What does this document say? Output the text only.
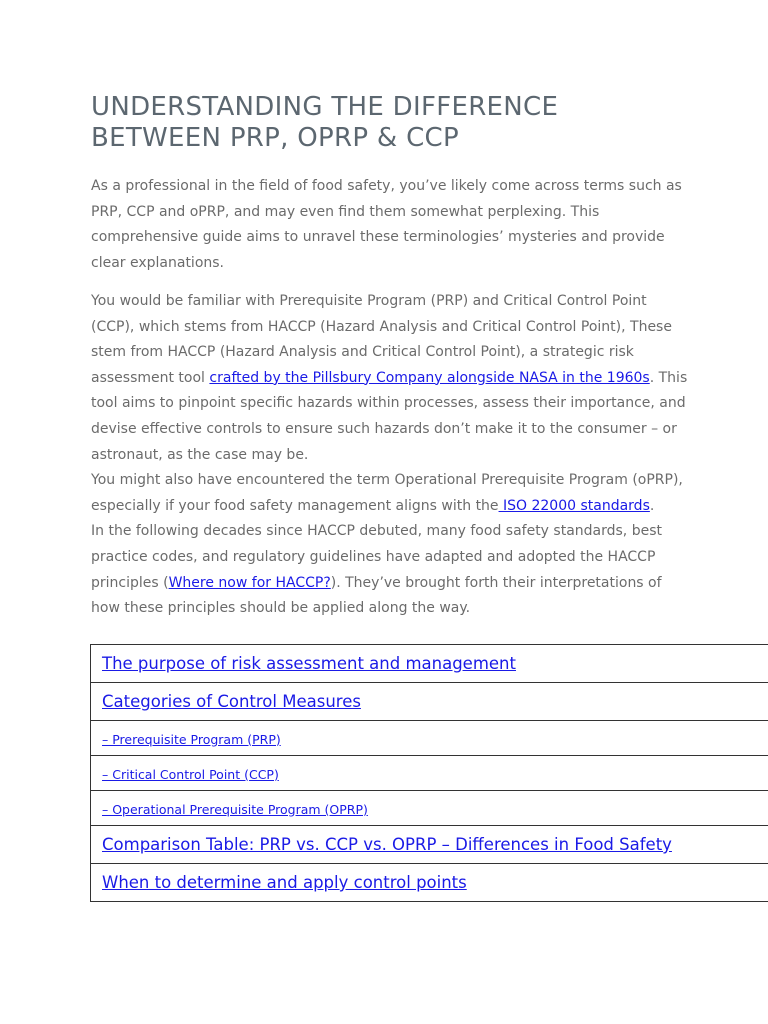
UNDERSTANDING THE DIFFERENCE
BETWEEN PRP, OPRP & CCP

As a professional in the field of food safety, you’ve likely come across terms such as PRP, CCP and oPRP, and may even find them somewhat perplexing. This comprehensive guide aims to unravel these terminologies’ mysteries and provide clear explanations.

You would be familiar with Prerequisite Program (PRP) and Critical Control Point (CCP), which stems from HACCP (Hazard Analysis and Critical Control Point), These stem from HACCP (Hazard Analysis and Critical Control Point), a strategic risk assessment tool crafted by the Pillsbury Company alongside NASA in the 1960s. This tool aims to pinpoint specific hazards within processes, assess their importance, and devise effective controls to ensure such hazards don’t make it to the consumer – or astronaut, as the case may be.
You might also have encountered the term Operational Prerequisite Program (oPRP), especially if your food safety management aligns with the ISO 22000 standards.
In the following decades since HACCP debuted, many food safety standards, best practice codes, and regulatory guidelines have adapted and adopted the HACCP principles (Where now for HACCP?). They’ve brought forth their interpretations of how these principles should be applied along the way.

The purpose of risk assessment and management
Categories of Control Measures
– Prerequisite Program (PRP)
– Critical Control Point (CCP)
– Operational Prerequisite Program (OPRP)
Comparison Table: PRP vs. CCP vs. OPRP – Differences in Food Safety
When to determine and apply control points
